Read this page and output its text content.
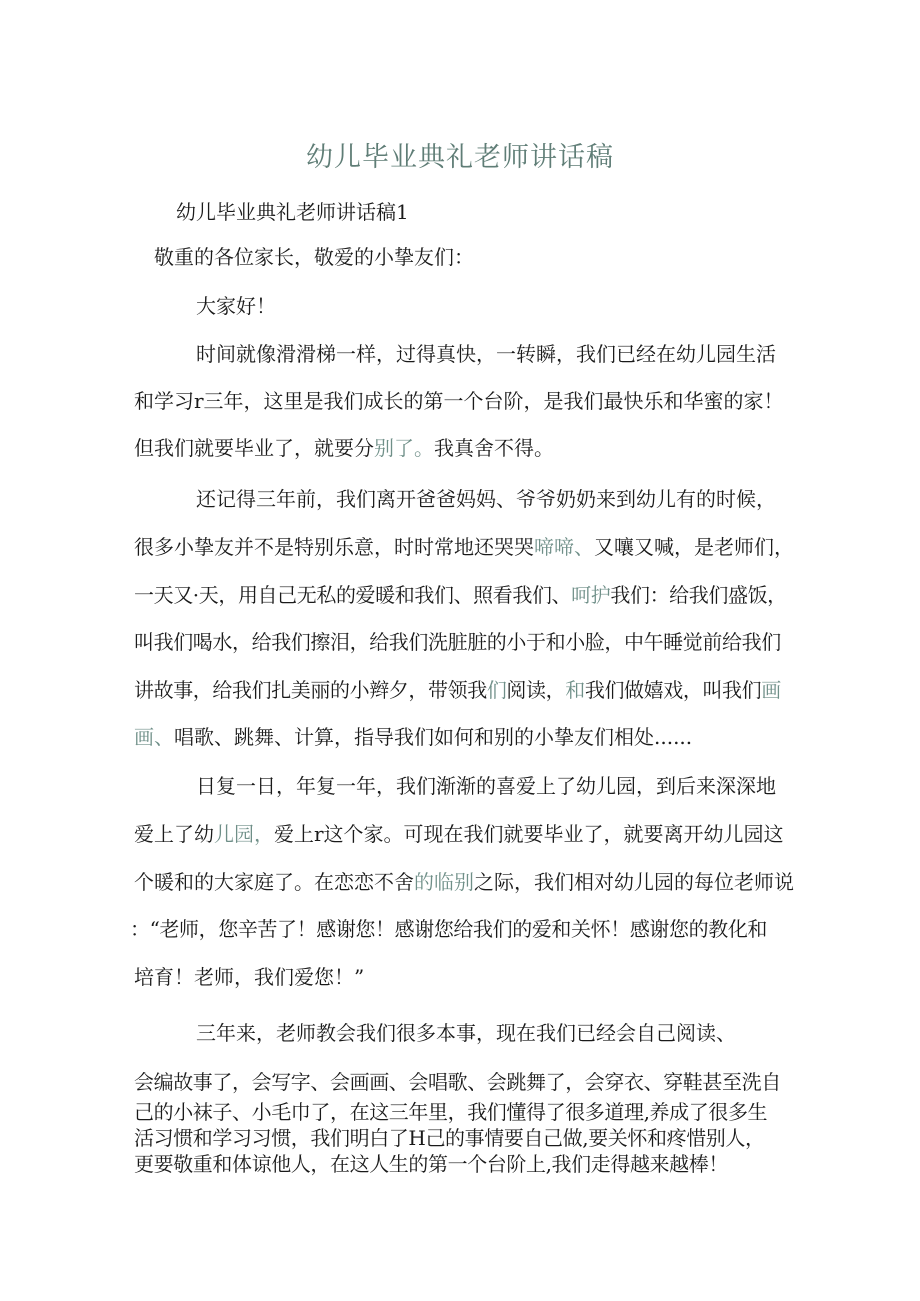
幼儿毕业典礼老师讲话稿
幼儿毕业典礼老师讲话稿1
敬重的各位家长，敬爱的小挚友们：
大家好！
时间就像滑滑梯一样，过得真快，一转瞬，我们已经在幼儿园生活
和学习r三年，这里是我们成长的第一个台阶，是我们最快乐和华蜜的家！
但我们就要毕业了，就要分别了。我真舍不得。
还记得三年前，我们离开爸爸妈妈、爷爷奶奶来到幼儿有的时候，
很多小挚友并不是特别乐意，时时常地还哭哭啼啼、又嚷又喊，是老师们，
一天又·天，用自己无私的爱暖和我们、照看我们、呵护我们：给我们盛饭，
叫我们喝水，给我们擦泪，给我们洗脏脏的小于和小脸，中午睡觉前给我们
讲故事，给我们扎美丽的小辫夕，带领我们阅读，和我们做嬉戏，叫我们画
画、唱歌、跳舞、计算，指导我们如何和别的小挚友们相处......
日复一日，年复一年，我们渐渐的喜爱上了幼儿园，到后来深深地
爱上了幼儿园，爱上r这个家。可现在我们就要毕业了，就要离开幼儿园这
个暖和的大家庭了。在恋恋不舍的临别之际，我们相对幼儿园的每位老师说
：“老师，您辛苦了！感谢您！感谢您给我们的爱和关怀！感谢您的教化和
培育！老师，我们爱您！”
三年来，老师教会我们很多本事，现在我们已经会自己阅读、
会编故事了，会写字、会画画、会唱歌、会跳舞了，会穿衣、穿鞋甚至洗自
己的小袜子、小毛巾了，在这三年里，我们懂得了很多道理,养成了很多生
活习惯和学习习惯，我们明白了H己的事情要自己做,要关怀和疼惜别人，
更要敬重和体谅他人，在这人生的第一个台阶上,我们走得越来越棒！
